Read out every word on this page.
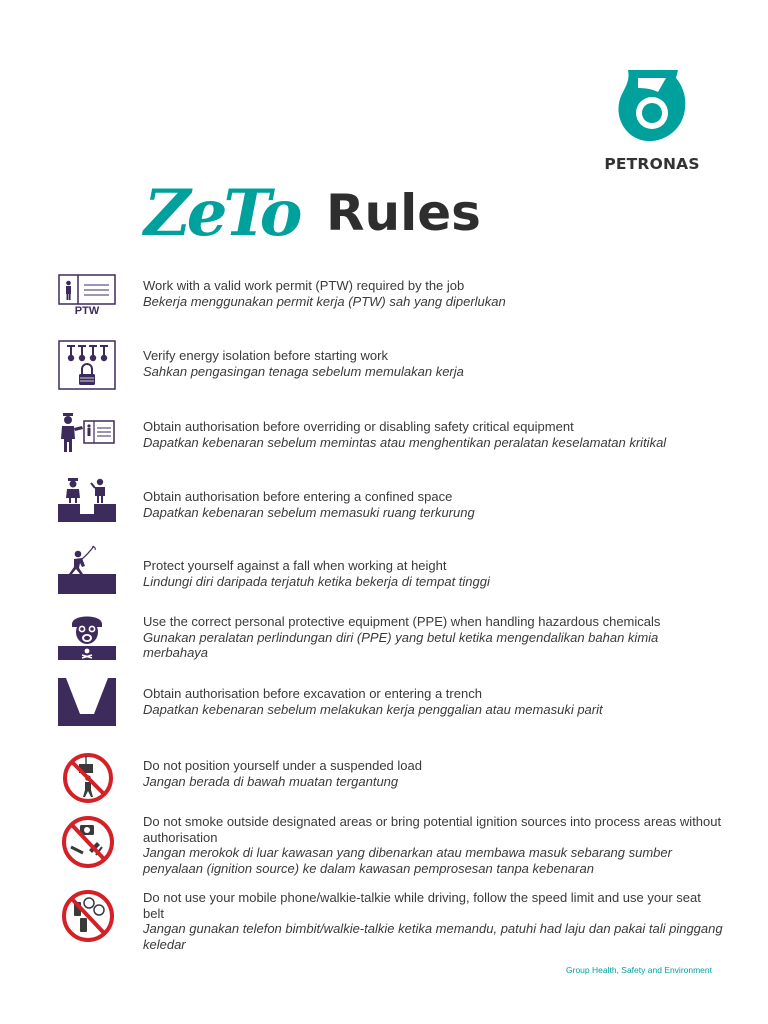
PETRONAS
ZeTo Rules
PTW
Work with a valid work permit (PTW) required by the job
Bekerja menggunakan permit kerja (PTW) sah yang diperlukan
Verify energy isolation before starting work
Sahkan pengasingan tenaga sebelum memulakan kerja
Obtain authorisation before overriding or disabling safety critical equipment
Dapatkan kebenaran sebelum memintas atau menghentikan peralatan keselamatan kritikal
Obtain authorisation before entering a confined space
Dapatkan kebenaran sebelum memasuki ruang terkurung
Protect yourself against a fall when working at height
Lindungi diri daripada terjatuh ketika bekerja di tempat tinggi
Use the correct personal protective equipment (PPE) when handling hazardous chemicals
Gunakan peralatan perlindungan diri (PPE) yang betul ketika mengendalikan bahan kimia merbahaya
Obtain authorisation before excavation or entering a trench
Dapatkan kebenaran sebelum melakukan kerja penggalian atau memasuki parit
Do not position yourself under a suspended load
Jangan berada di bawah muatan tergantung
Do not smoke outside designated areas or bring potential ignition sources into process areas without authorisation
Jangan merokok di luar kawasan yang dibenarkan atau membawa masuk sebarang sumber penyalaan (ignition source) ke dalam kawasan pemprosesan tanpa kebenaran
Do not use your mobile phone/walkie-talkie while driving, follow the speed limit and use your seat belt
Jangan gunakan telefon bimbit/walkie-talkie ketika memandu, patuhi had laju dan pakai tali pinggang keledar
Group Health, Safety and Environment
